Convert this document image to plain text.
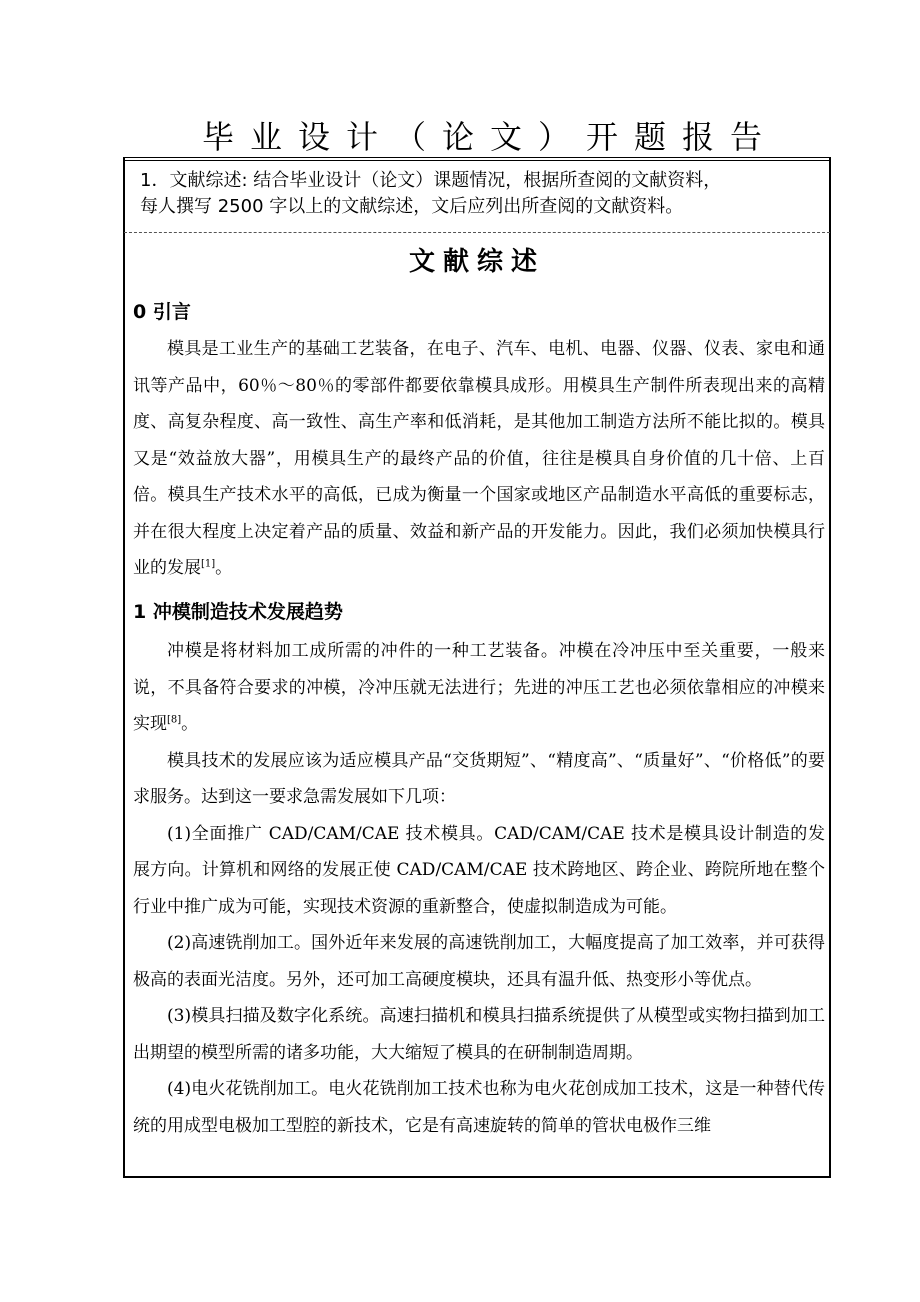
毕业设计（论文）开题报告

1．文献综述: 结合毕业设计（论文）课题情况，根据所查阅的文献资料，

每人撰写 2500 字以上的文献综述，文后应列出所查阅的文献资料。

文献综述
0 引言

模具是工业生产的基础工艺装备，在电子、汽车、电机、电器、仪器、仪表、家电和通讯等产品中，60％～80％的零部件都要依靠模具成形。用模具生产制件所表现出来的高精度、高复杂程度、高一致性、高生产率和低消耗，是其他加工制造方法所不能比拟的。模具又是“效益放大器”，用模具生产的最终产品的价值，往往是模具自身价值的几十倍、上百倍。模具生产技术水平的高低，已成为衡量一个国家或地区产品制造水平高低的重要标志，并在很大程度上决定着产品的质量、效益和新产品的开发能力。因此，我们必须加快模具行业的发展[1]。

1 冲模制造技术发展趋势

冲模是将材料加工成所需的冲件的一种工艺装备。冲模在冷冲压中至关重要，一般来说，不具备符合要求的冲模，冷冲压就无法进行；先进的冲压工艺也必须依靠相应的冲模来实现[8]。

模具技术的发展应该为适应模具产品“交货期短”、“精度高”、“质量好”、“价格低”的要求服务。达到这一要求急需发展如下几项：

(1)全面推广 CAD/CAM/CAE 技术模具。CAD/CAM/CAE 技术是模具设计制造的发展方向。计算机和网络的发展正使 CAD/CAM/CAE 技术跨地区、跨企业、跨院所地在整个行业中推广成为可能，实现技术资源的重新整合，使虚拟制造成为可能。

(2)高速铣削加工。国外近年来发展的高速铣削加工，大幅度提高了加工效率，并可获得极高的表面光洁度。另外，还可加工高硬度模块，还具有温升低、热变形小等优点。

(3)模具扫描及数字化系统。高速扫描机和模具扫描系统提供了从模型或实物扫描到加工出期望的模型所需的诸多功能，大大缩短了模具的在研制制造周期。

(4)电火花铣削加工。电火花铣削加工技术也称为电火花创成加工技术，这是一种替代传统的用成型电极加工型腔的新技术，它是有高速旋转的简单的管状电极作三维
